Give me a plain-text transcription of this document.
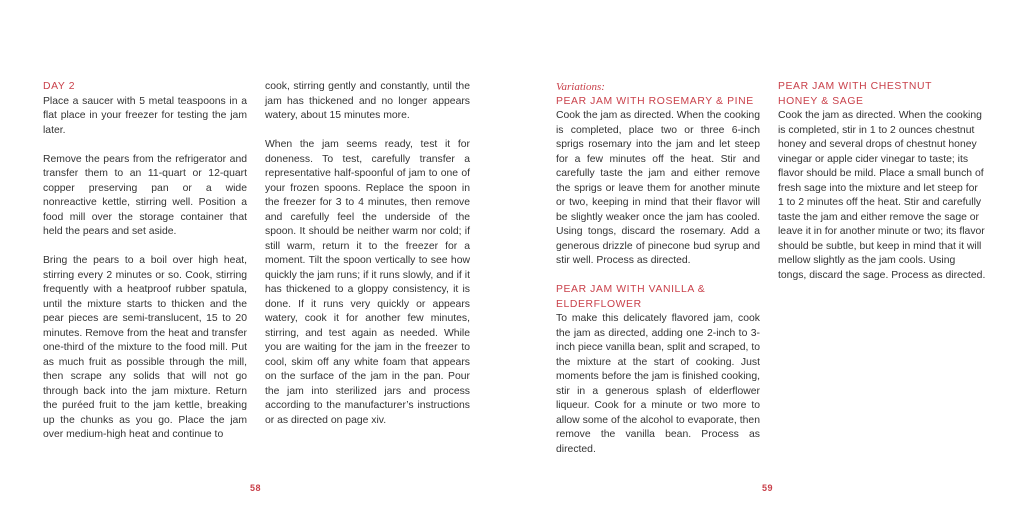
DAY 2

Place a saucer with 5 metal teaspoons in a flat place in your freezer for testing the jam later.

Remove the pears from the refrigerator and transfer them to an 11-quart or 12-quart copper preserving pan or a wide nonreactive kettle, stirring well. Position a food mill over the storage container that held the pears and set aside.

Bring the pears to a boil over high heat, stirring every 2 minutes or so. Cook, stirring frequently with a heatproof rubber spatula, until the mixture starts to thicken and the pear pieces are semi-translucent, 15 to 20 minutes. Remove from the heat and transfer one-third of the mixture to the food mill. Put as much fruit as possible through the mill, then scrape any solids that will not go through back into the jam mixture. Return the puréed fruit to the jam kettle, breaking up the chunks as you go. Place the jam over medium-high heat and continue to

cook, stirring gently and constantly, until the jam has thickened and no longer appears watery, about 15 minutes more.

When the jam seems ready, test it for doneness. To test, carefully transfer a representative half-spoonful of jam to one of your frozen spoons. Replace the spoon in the freezer for 3 to 4 minutes, then remove and carefully feel the underside of the spoon. It should be neither warm nor cold; if still warm, return it to the freezer for a moment. Tilt the spoon vertically to see how quickly the jam runs; if it runs slowly, and if it has thickened to a gloppy consistency, it is done. If it runs very quickly or appears watery, cook it for another few minutes, stirring, and test again as needed. While you are waiting for the jam in the freezer to cool, skim off any white foam that appears on the surface of the jam in the pan. Pour the jam into sterilized jars and process according to the manufacturer’s instructions or as directed on page xiv.

58
Variations:
PEAR JAM WITH ROSEMARY & PINE

Cook the jam as directed. When the cooking is completed, place two or three 6-inch sprigs rosemary into the jam and let steep for a few minutes off the heat. Stir and carefully taste the jam and either remove the sprigs or leave them for another minute or two, keeping in mind that their flavor will be slightly weaker once the jam has cooled. Using tongs, discard the rosemary. Add a generous drizzle of pinecone bud syrup and stir well. Process as directed.

PEAR JAM WITH VANILLA &
ELDERFLOWER

To make this delicately flavored jam, cook the jam as directed, adding one 2-inch to 3-inch piece vanilla bean, split and scraped, to the mixture at the start of cooking. Just moments before the jam is finished cooking, stir in a generous splash of elderflower liqueur. Cook for a minute or two more to allow some of the alcohol to evaporate, then remove the vanilla bean. Process as directed.

PEAR JAM WITH CHESTNUT
HONEY & SAGE

Cook the jam as directed. When the cooking is completed, stir in 1 to 2 ounces chestnut honey and several drops of chestnut honey vinegar or apple cider vinegar to taste; its flavor should be mild. Place a small bunch of fresh sage into the mixture and let steep for 1 to 2 minutes off the heat. Stir and carefully taste the jam and either remove the sage or leave it in for another minute or two; its flavor should be subtle, but keep in mind that it will mellow slightly as the jam cools. Using tongs, discard the sage. Process as directed.

59
